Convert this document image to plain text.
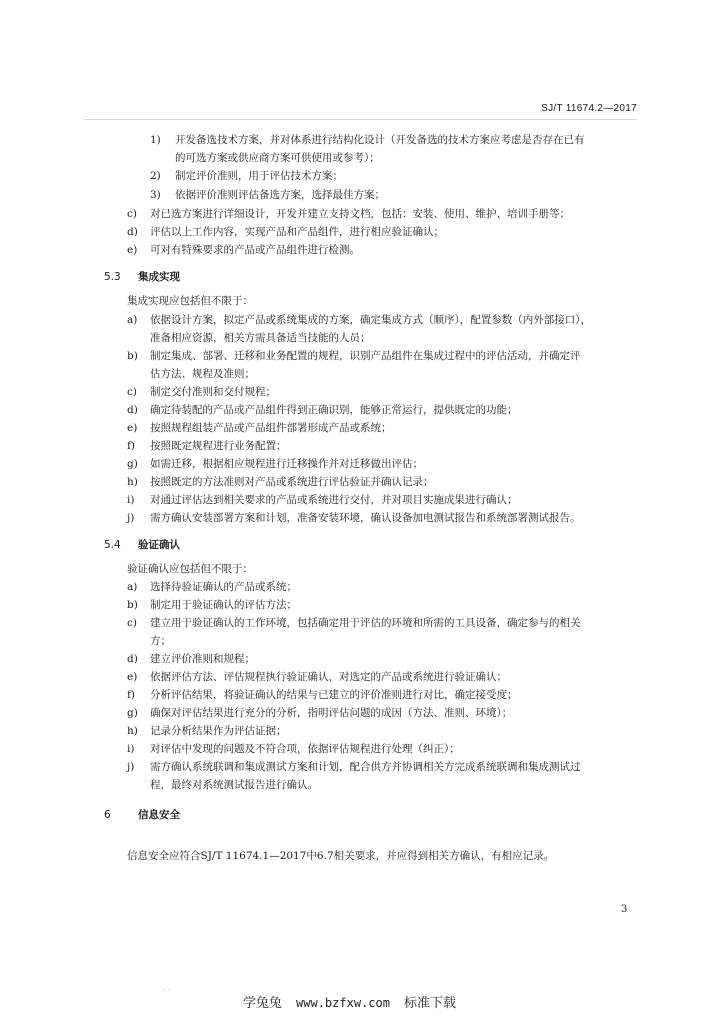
SJ/T 11674.2—2017
1) 开发备选技术方案，并对体系进行结构化设计（开发备选的技术方案应考虑是否存在已有
的可选方案或供应商方案可供使用或参考）；
2) 制定评价准则，用于评估技术方案；
3) 依据评价准则评估备选方案，选择最佳方案；
c) 对已选方案进行详细设计，开发并建立支持文档，包括：安装、使用、维护、培训手册等；
d) 评估以上工作内容，实现产品和产品组件，进行相应验证确认；
e) 可对有特殊要求的产品或产品组件进行检测。
5.3 集成实现
集成实现应包括但不限于：
a) 依据设计方案，拟定产品或系统集成的方案，确定集成方式（顺序），配置参数（内外部接口），
准备相应资源，相关方需具备适当技能的人员；
b) 制定集成、部署、迁移和业务配置的规程，识别产品组件在集成过程中的评估活动，并确定评
估方法、规程及准则；
c) 制定交付准则和交付规程；
d) 确定待装配的产品或产品组件得到正确识别，能够正常运行，提供既定的功能；
e) 按照规程组装产品或产品组件部署形成产品或系统；
f) 按照既定规程进行业务配置；
g) 如需迁移，根据相应规程进行迁移操作并对迁移做出评估；
h) 按照既定的方法准则对产品或系统进行评估验证并确认记录；
i) 对通过评估达到相关要求的产品或系统进行交付，并对项目实施成果进行确认；
j) 需方确认安装部署方案和计划，准备安装环境，确认设备加电测试报告和系统部署测试报告。
5.4 验证确认
验证确认应包括但不限于：
a) 选择待验证确认的产品或系统；
b) 制定用于验证确认的评估方法；
c) 建立用于验证确认的工作环境，包括确定用于评估的环境和所需的工具设备，确定参与的相关
方；
d) 建立评价准则和规程；
e) 依据评估方法、评估规程执行验证确认，对选定的产品或系统进行验证确认；
f) 分析评估结果，将验证确认的结果与已建立的评价准则进行对比，确定接受度；
g) 确保对评估结果进行充分的分析，指明评估问题的成因（方法、准则、环境）；
h) 记录分析结果作为评估证据；
i) 对评估中发现的问题及不符合项，依据评估规程进行处理（纠正）；
j) 需方确认系统联调和集成测试方案和计划，配合供方并协调相关方完成系统联调和集成测试过
程，最终对系统测试报告进行确认。
6	信息安全
信息安全应符合SJ/T 11674.1—2017中6.7相关要求，并应得到相关方确认，有相应记录。
3
· ·
学兔兔 www.bzfxw.com 标准下载
